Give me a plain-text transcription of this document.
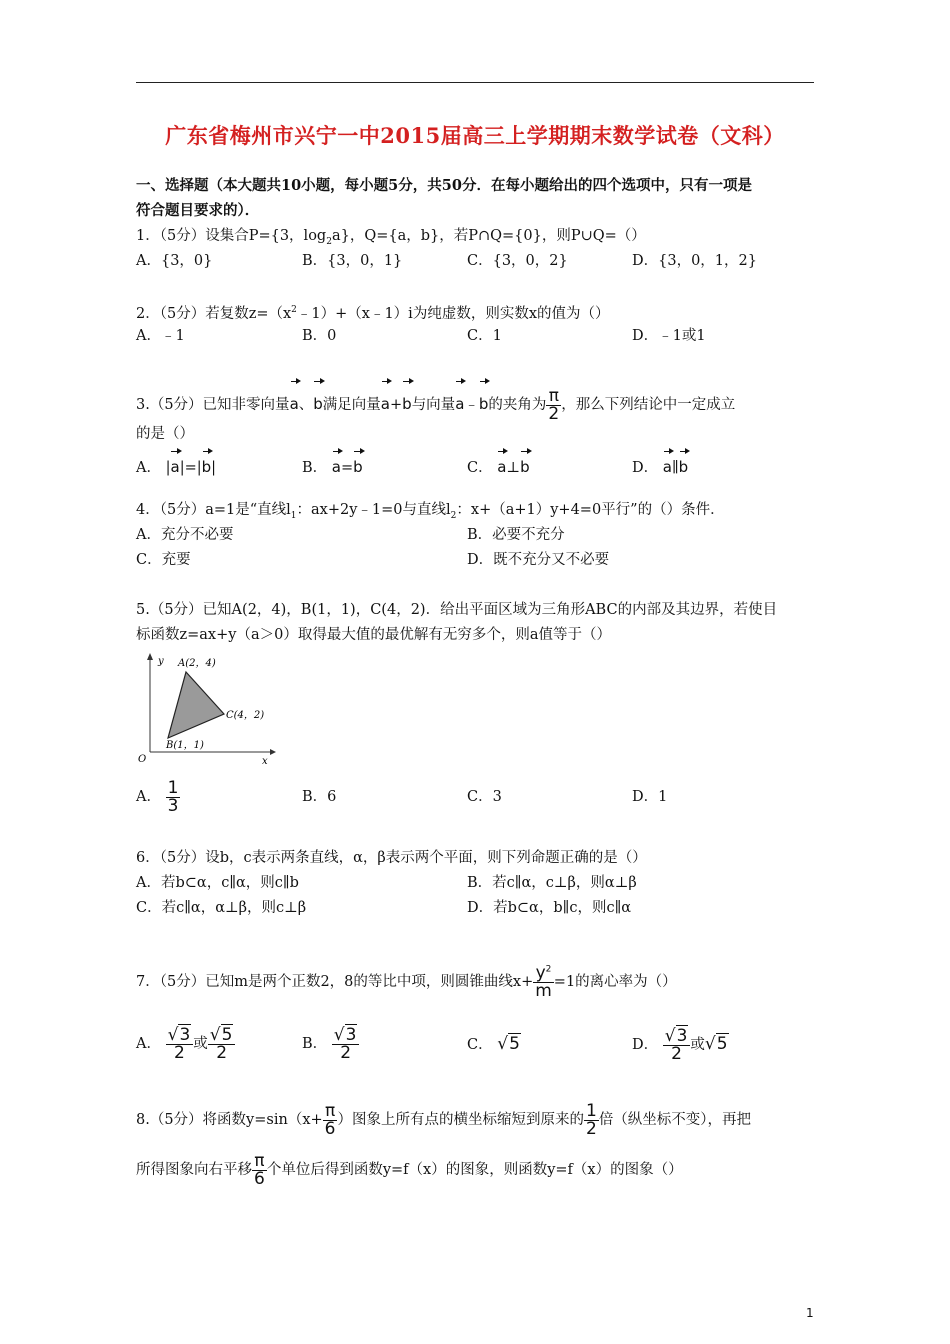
广东省梅州市兴宁一中2015届高三上学期期末数学试卷（文科）
一、选择题（本大题共10小题，每小题5分，共50分．在每小题给出的四个选项中，只有一项是
符合题目要求的）．
1．（5分）设集合P={3，$\log_2a$}，Q={a，b}，若P∩Q={0}，则P∪Q=（）
A．{3，0}	B．{3，0，1}	C．{3，0，2}	D．{3，0，1，2}
2．（5分）若复数$z=(x^2﹣1)+(x﹣1)i$为纯虚数，则实数x的值为（）
A．﹣1	B．0	C．1	D．﹣1或1
3.（5分）已知非零向量a、b满足向量a+b与向量a﹣b的夹角为 $\frac{\pi}{2}$ ，那么下列结论中一定成立
的是（）
A． |a|=|b|	B． a=b	C． a⊥b	D． a∥b
4．（5分）a=1是“直线$l_1$：ax+2y﹣1=0与直线$l_2$：x+（a+1）y+4=0平行”的（）条件．
A．充分不必要	B．必要不充分
C．充要	D．既不充分又不必要
5.（5分）已知A(2，4)，B(1，1)，C(4，2)．给出平面区域为三角形ABC的内部及其边界，若使目
标函数z=ax+y（a＞0）取得最大值的最优解有无穷多个，则a值等于（）
y
x
O
A(2，4)
C(4，2)
B(1，1)
A． $\frac{1}{3}$	B．6	C．3	D．1
6．（5分）设b，c表示两条直线，α，β表示两个平面，则下列命题正确的是（）
A．若b⊂α，c∥α，则c∥b	B．若c∥α，c⊥β，则α⊥β
C．若c∥α，α⊥β，则c⊥β	D．若b⊂α，b∥c，则c∥α
7．（5分）已知m是两个正数2，8的等比中项，则圆锥曲线$x+ \frac{y^2}{m} =1$的离心率为（）
A． $\frac{√3}{2}$ 或 $\frac{√5}{2}$	B． $\frac{√3}{2}$	C． √5	D． $\frac{√3}{2}$ 或√5
8.（5分）将函数$y=\sin(x+ \frac{\pi}{6}$ ）图象上所有点的横坐标缩短到原来的 $\frac{1}{2}$ 倍（纵坐标不变），再把
所得图象向右平移 $\frac{\pi}{6}$ 个单位后得到函数y=f（x）的图象，则函数y=f（x）的图象（）
1
